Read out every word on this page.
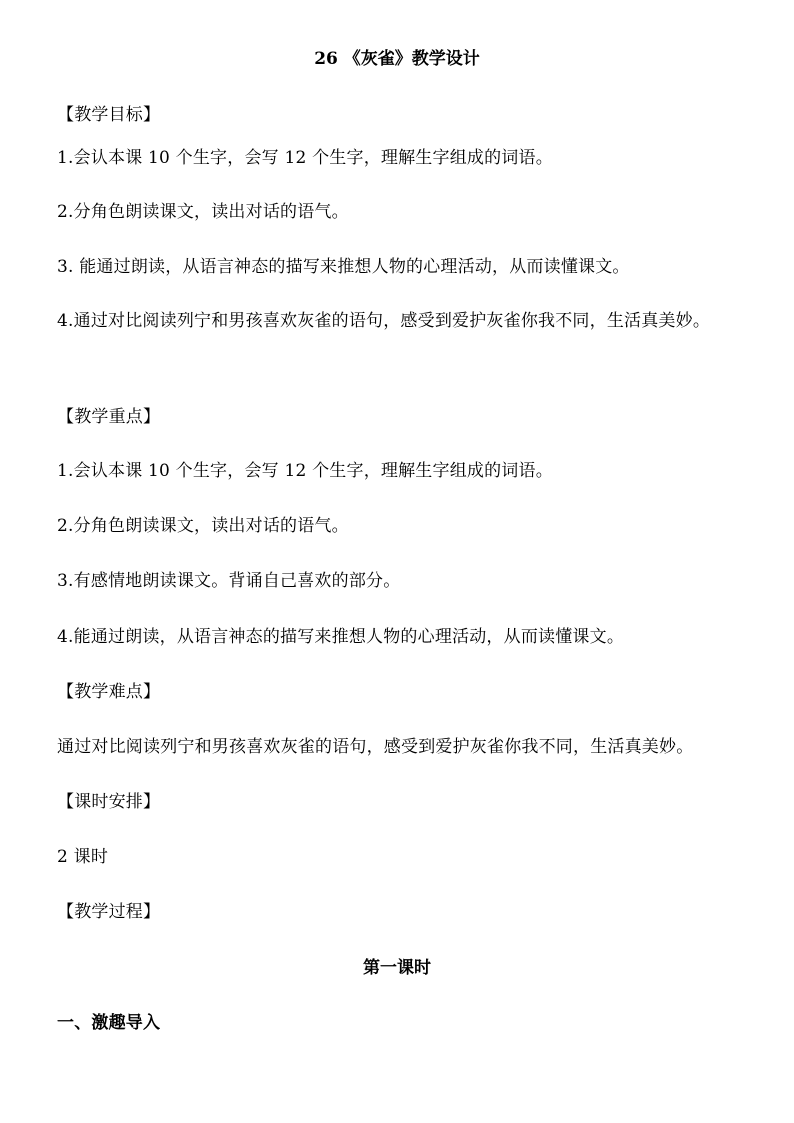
26 《灰雀》教学设计
【教学目标】
1.会认本课 10 个生字，会写 12 个生字，理解生字组成的词语。
2.分角色朗读课文，读出对话的语气。
3. 能通过朗读，从语言神态的描写来推想人物的心理活动，从而读懂课文。
4.通过对比阅读列宁和男孩喜欢灰雀的语句，感受到爱护灰雀你我不同，生活真美妙。
【教学重点】
1.会认本课 10 个生字，会写 12 个生字，理解生字组成的词语。
2.分角色朗读课文，读出对话的语气。
3.有感情地朗读课文。背诵自己喜欢的部分。
4.能通过朗读，从语言神态的描写来推想人物的心理活动，从而读懂课文。
【教学难点】
通过对比阅读列宁和男孩喜欢灰雀的语句，感受到爱护灰雀你我不同，生活真美妙。
【课时安排】
2 课时
【教学过程】
第一课时
一、激趣导入
